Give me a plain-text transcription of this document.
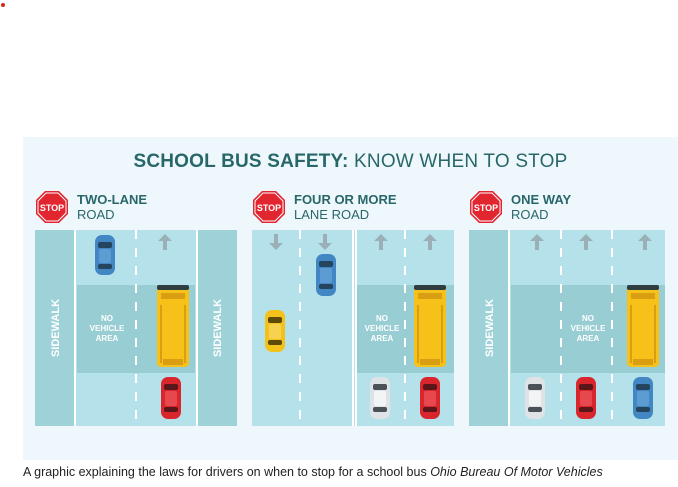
SCHOOL BUS SAFETY: KNOW WHEN TO STOP
STOP
TWO-LANE
ROAD
SIDEWALK	SIDEWALK
NO
VEHICLE
AREA
STOP
FOUR OR MORE
LANE ROAD
NO
VEHICLE
AREA
STOP
ONE WAY
ROAD
SIDEWALK	NO
VEHICLE
AREA
A graphic explaining the laws for drivers on when to stop for a school bus Ohio Bureau Of Motor Vehicles
